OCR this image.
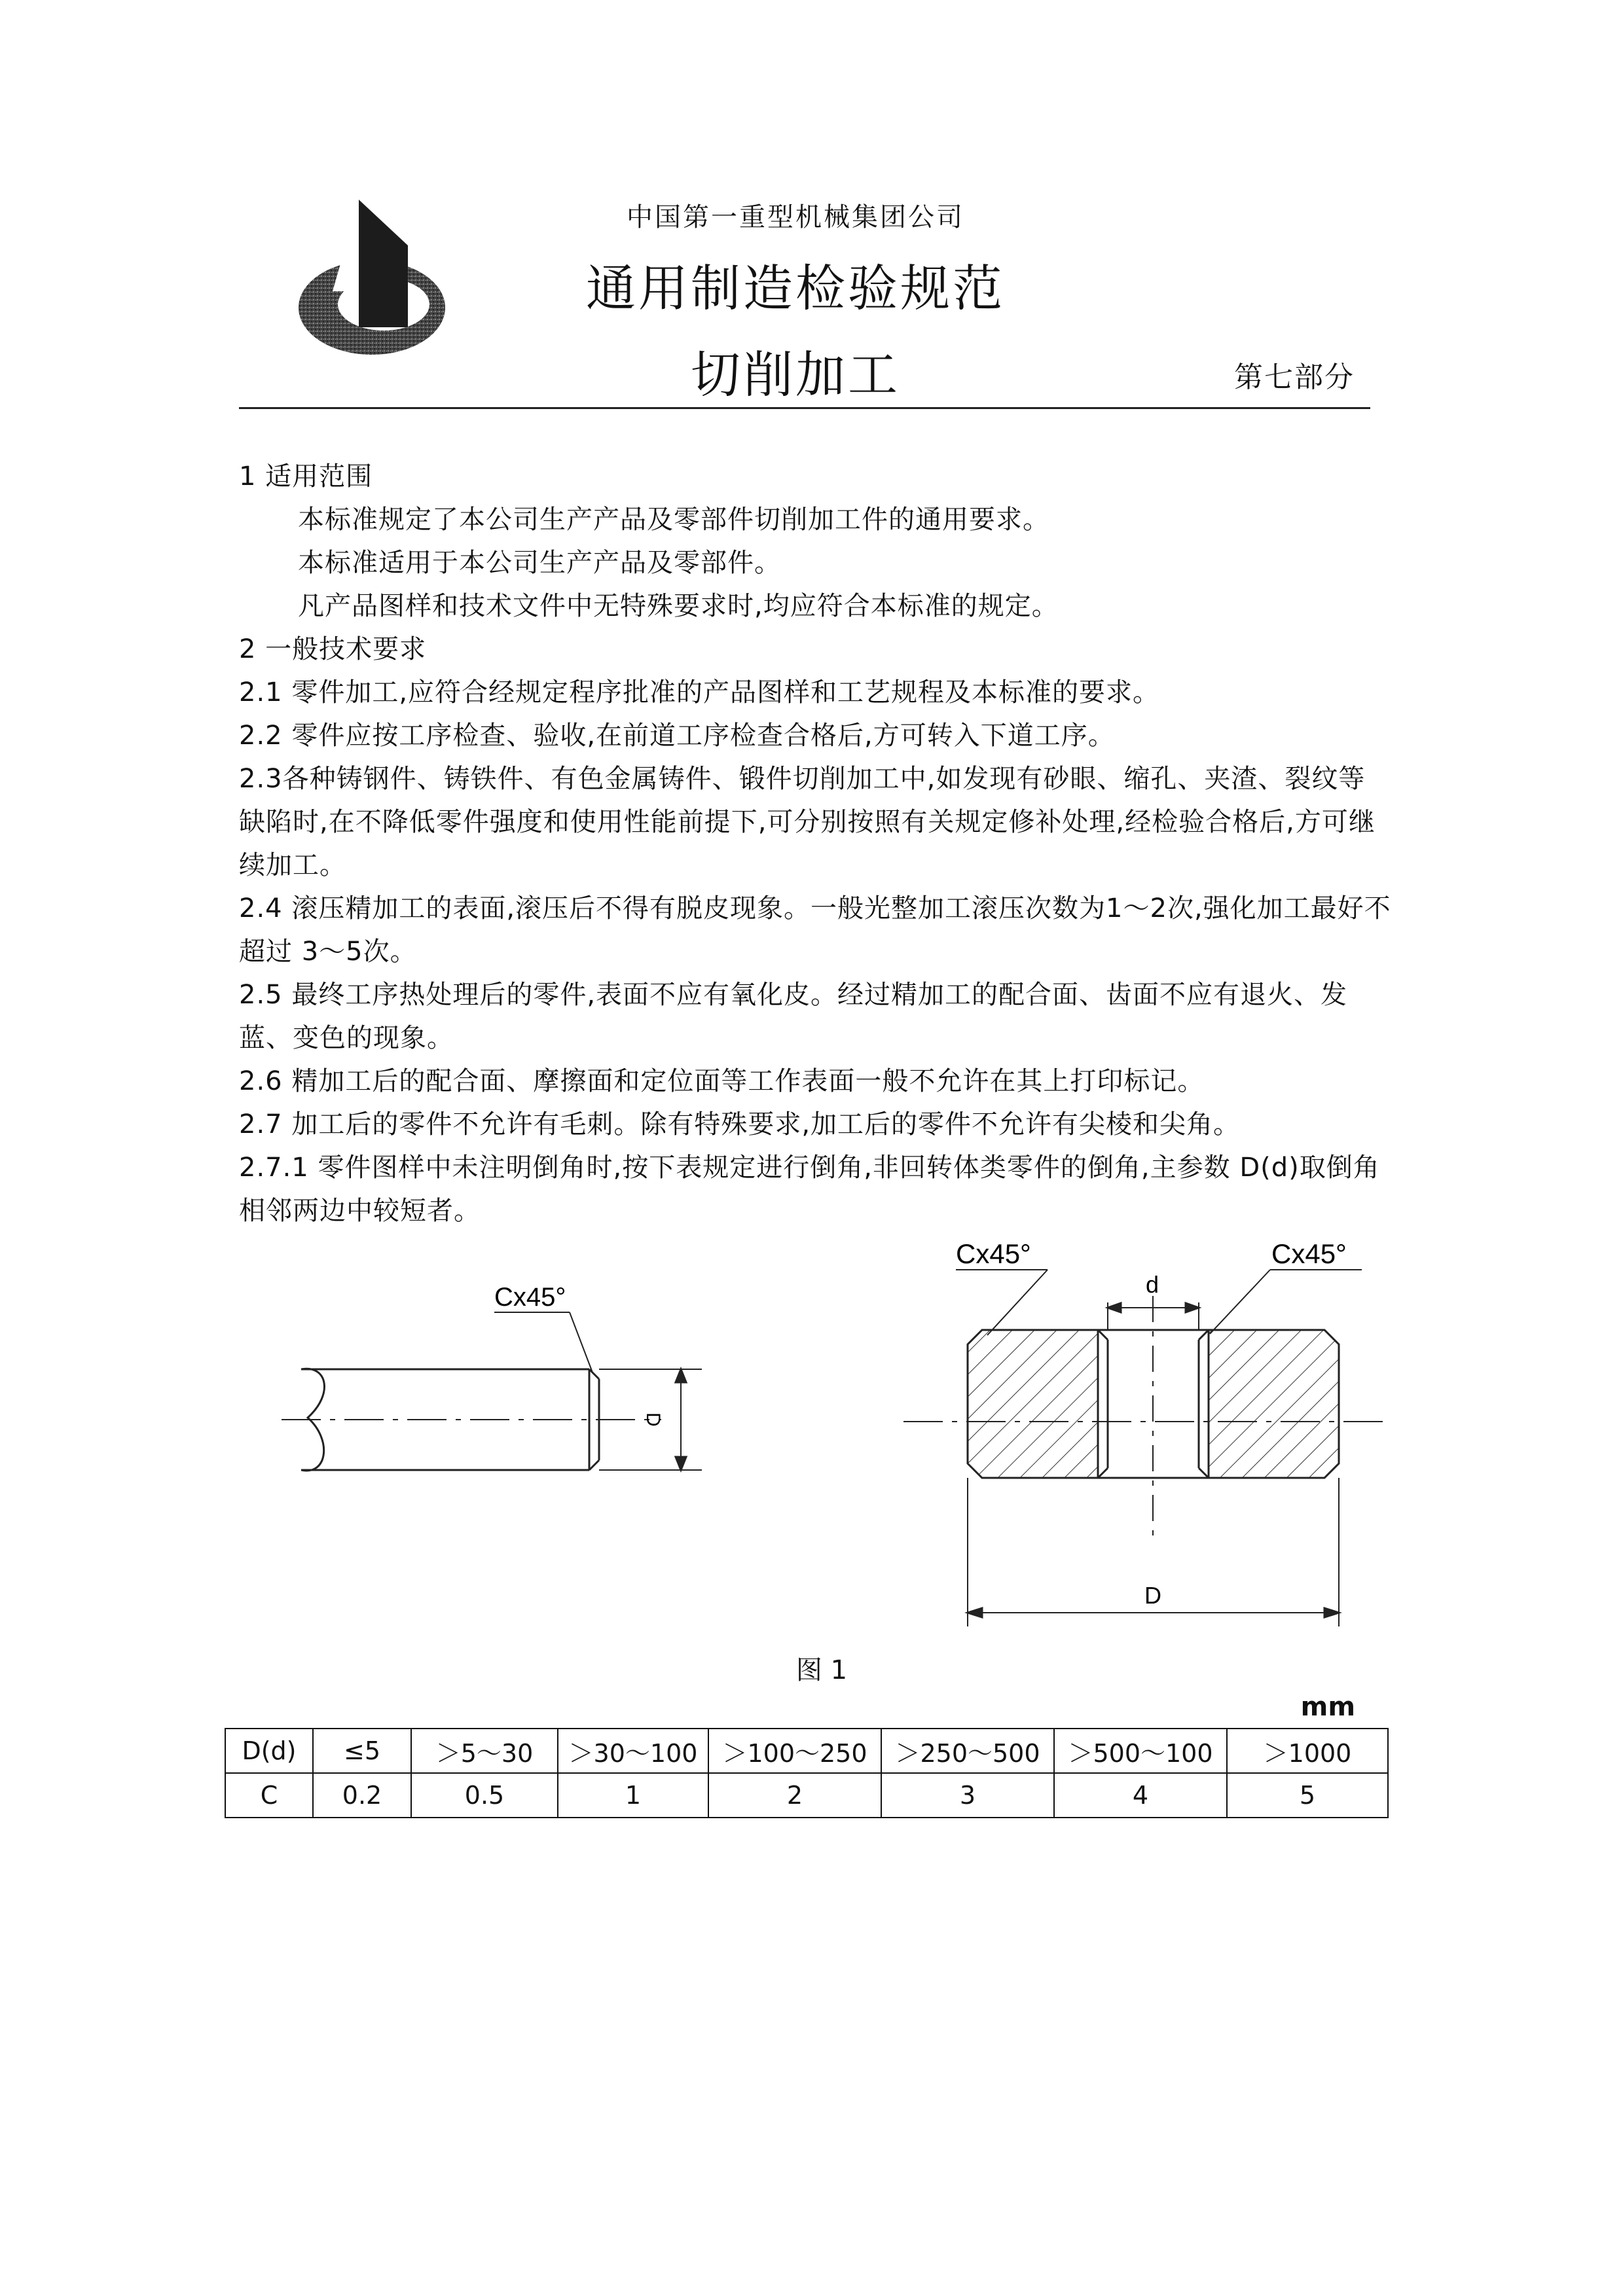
中国第一重型机械集团公司
通用制造检验规范
切削加工	第七部分

1 适用范围

本标准规定了本公司生产产品及零部件切削加工件的通用要求。

本标准适用于本公司生产产品及零部件。

凡产品图样和技术文件中无特殊要求时,均应符合本标准的规定。

2 一般技术要求

2.1 零件加工,应符合经规定程序批准的产品图样和工艺规程及本标准的要求。

2.2 零件应按工序检查、验收,在前道工序检查合格后,方可转入下道工序。

2.3各种铸钢件、铸铁件、有色金属铸件、锻件切削加工中,如发现有砂眼、缩孔、夹渣、裂纹等缺陷时,在不降低零件强度和使用性能前提下,可分别按照有关规定修补处理,经检验合格后,方可继续加工。

2.4 滚压精加工的表面,滚压后不得有脱皮现象。一般光整加工滚压次数为1～2次,强化加工最好不超过 3～5次。

2.5 最终工序热处理后的零件,表面不应有氧化皮。经过精加工的配合面、齿面不应有退火、发蓝、变色的现象。

2.6 精加工后的配合面、摩擦面和定位面等工作表面一般不允许在其上打印标记。

2.7 加工后的零件不允许有毛刺。除有特殊要求,加工后的零件不允许有尖棱和尖角。

2.7.1 零件图样中未注明倒角时,按下表规定进行倒角,非回转体类零件的倒角,主参数 D(d)取倒角相邻两边中较短者。

Cx45°
D
Cx45°	Cx45°
d
D
图 1
mm
D(d)	≤5	＞5～30	＞30～100	＞100～250	＞250～500	＞500～100	＞1000
C	0.2	0.5	1	2	3	4	5
